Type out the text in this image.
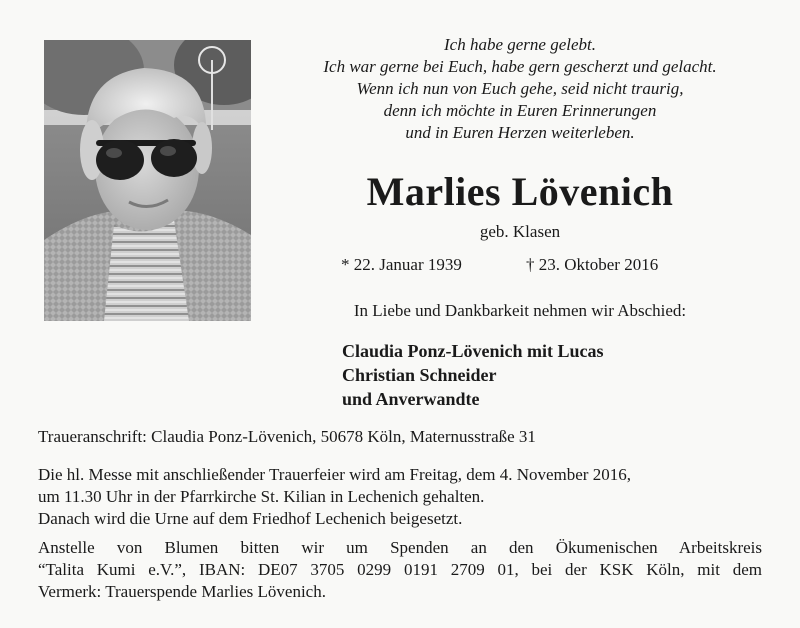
Ich habe gerne gelebt.
Ich war gerne bei Euch, habe gern gescherzt und gelacht.
Wenn ich nun von Euch gehe, seid nicht traurig,
denn ich möchte in Euren Erinnerungen
und in Euren Herzen weiterleben.
Marlies Lövenich
geb. Klasen
* 22. Januar 1939	† 23. Oktober 2016
In Liebe und Dankbarkeit nehmen wir Abschied:
Claudia Ponz-Lövenich mit Lucas
Christian Schneider
und Anverwandte
Traueranschrift: Claudia Ponz-Lövenich, 50678 Köln, Maternusstraße 31
Die hl. Messe mit anschließender Trauerfeier wird am Freitag, dem 4. November 2016,
um 11.30 Uhr in der Pfarrkirche St. Kilian in Lechenich gehalten.
Danach wird die Urne auf dem Friedhof Lechenich beigesetzt.
Anstelle von Blumen bitten wir um Spenden an den Ökumenischen Arbeitskreis
“Talita Kumi e.V.”, IBAN: DE07 3705 0299 0191 2709 01, bei der KSK Köln, mit dem
Vermerk: Trauerspende Marlies Lövenich.
